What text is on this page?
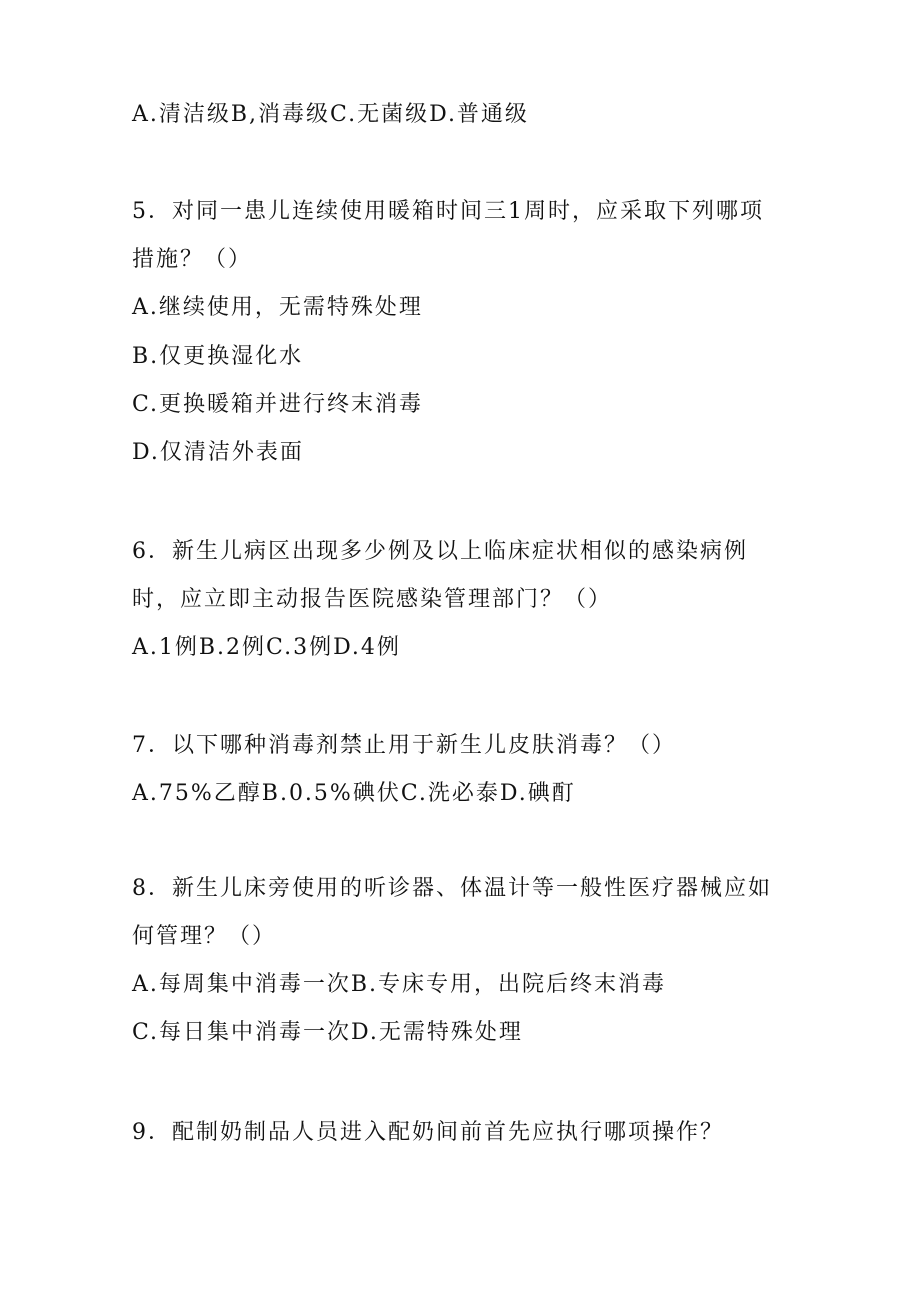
A.清洁级B,消毒级C.无菌级D.普通级
5．对同一患儿连续使用暖箱时间三1周时，应采取下列哪项
措施？（）
A.继续使用，无需特殊处理
B.仅更换湿化水
C.更换暖箱并进行终末消毒
D.仅清洁外表面
6．新生儿病区出现多少例及以上临床症状相似的感染病例
时，应立即主动报告医院感染管理部门？（）
A.1例B.2例C.3例D.4例
7．以下哪种消毒剂禁止用于新生儿皮肤消毒？（）
A.75%乙醇B.0.5%碘伏C.洗必泰D.碘酊
8．新生儿床旁使用的听诊器、体温计等一般性医疗器械应如
何管理？（）
A.每周集中消毒一次B.专床专用，出院后终末消毒
C.每日集中消毒一次D.无需特殊处理
9．配制奶制品人员进入配奶间前首先应执行哪项操作？
